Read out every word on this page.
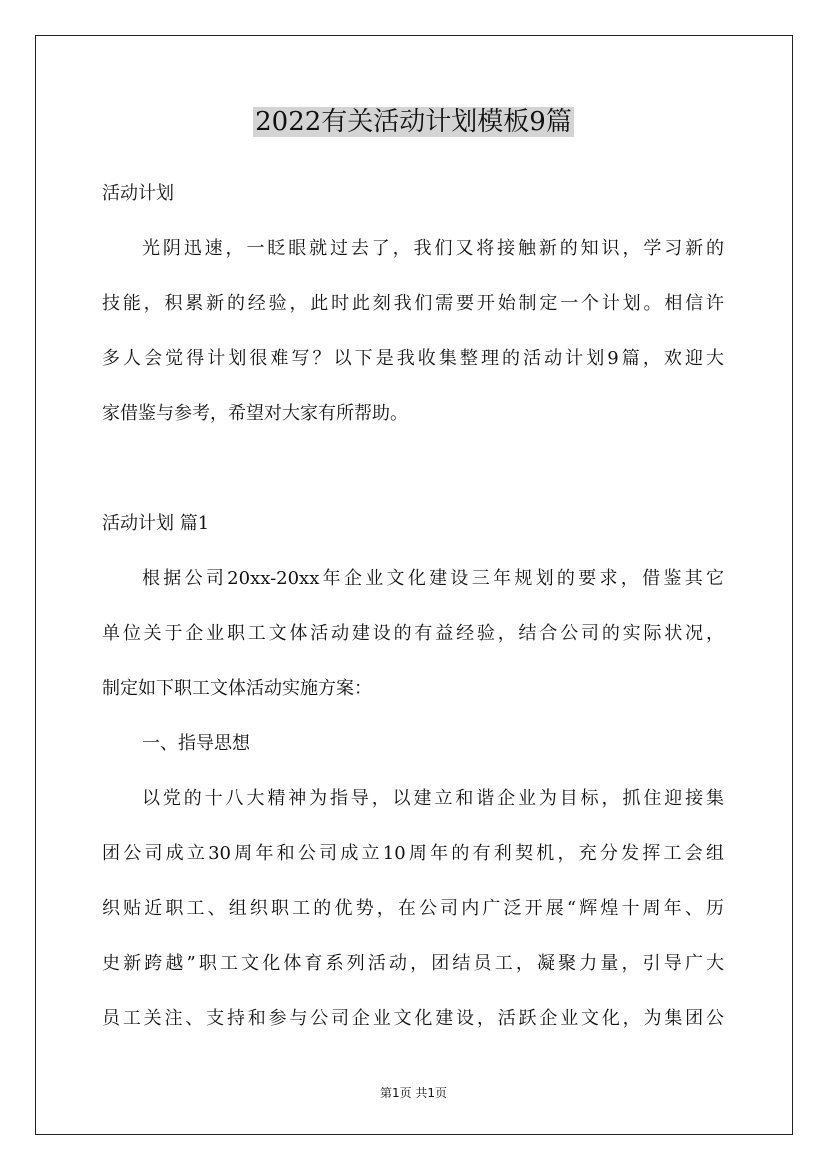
2022有关活动计划模板9篇
活动计划
光阴迅速，一眨眼就过去了，我们又将接触新的知识，学习新的
技能，积累新的经验，此时此刻我们需要开始制定一个计划。相信许
多人会觉得计划很难写？以下是我收集整理的活动计划9篇，欢迎大
家借鉴与参考，希望对大家有所帮助。
活动计划 篇1
根据公司20xx-20xx年企业文化建设三年规划的要求，借鉴其它
单位关于企业职工文体活动建设的有益经验，结合公司的实际状况，
制定如下职工文体活动实施方案：
一、指导思想
以党的十八大精神为指导，以建立和谐企业为目标，抓住迎接集
团公司成立30周年和公司成立10周年的有利契机，充分发挥工会组
织贴近职工、组织职工的优势，在公司内广泛开展“辉煌十周年、历
史新跨越”职工文化体育系列活动，团结员工，凝聚力量，引导广大
员工关注、支持和参与公司企业文化建设，活跃企业文化，为集团公
第1页 共1页
